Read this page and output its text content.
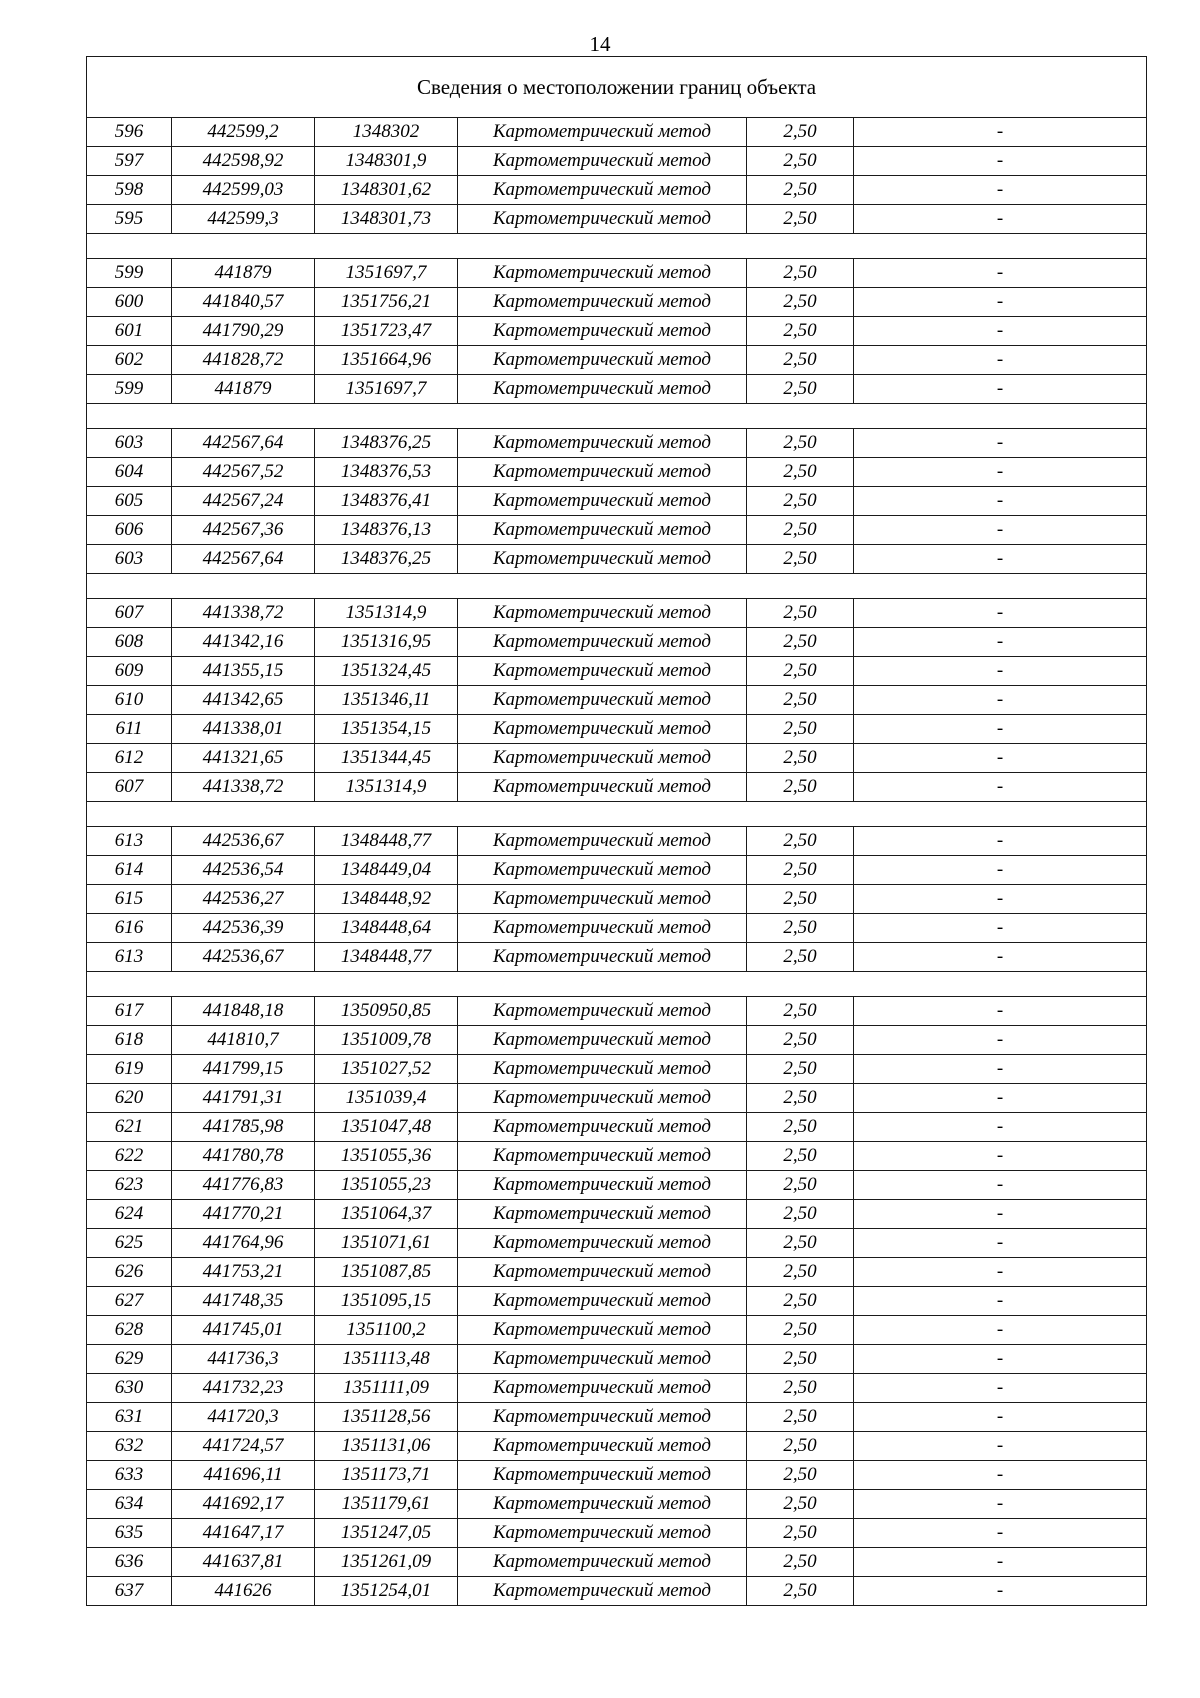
14
Сведения о местоположении границ объекта					
596	442599,2	1348302	Картометрический метод	2,50	-
597	442598,92	1348301,9	Картометрический метод	2,50	-
598	442599,03	1348301,62	Картометрический метод	2,50	-
595	442599,3	1348301,73	Картометрический метод	2,50	-

599	441879	1351697,7	Картометрический метод	2,50	-
600	441840,57	1351756,21	Картометрический метод	2,50	-
601	441790,29	1351723,47	Картометрический метод	2,50	-
602	441828,72	1351664,96	Картометрический метод	2,50	-
599	441879	1351697,7	Картометрический метод	2,50	-

603	442567,64	1348376,25	Картометрический метод	2,50	-
604	442567,52	1348376,53	Картометрический метод	2,50	-
605	442567,24	1348376,41	Картометрический метод	2,50	-
606	442567,36	1348376,13	Картометрический метод	2,50	-
603	442567,64	1348376,25	Картометрический метод	2,50	-

607	441338,72	1351314,9	Картометрический метод	2,50	-
608	441342,16	1351316,95	Картометрический метод	2,50	-
609	441355,15	1351324,45	Картометрический метод	2,50	-
610	441342,65	1351346,11	Картометрический метод	2,50	-
611	441338,01	1351354,15	Картометрический метод	2,50	-
612	441321,65	1351344,45	Картометрический метод	2,50	-
607	441338,72	1351314,9	Картометрический метод	2,50	-

613	442536,67	1348448,77	Картометрический метод	2,50	-
614	442536,54	1348449,04	Картометрический метод	2,50	-
615	442536,27	1348448,92	Картометрический метод	2,50	-
616	442536,39	1348448,64	Картометрический метод	2,50	-
613	442536,67	1348448,77	Картометрический метод	2,50	-

617	441848,18	1350950,85	Картометрический метод	2,50	-
618	441810,7	1351009,78	Картометрический метод	2,50	-
619	441799,15	1351027,52	Картометрический метод	2,50	-
620	441791,31	1351039,4	Картометрический метод	2,50	-
621	441785,98	1351047,48	Картометрический метод	2,50	-
622	441780,78	1351055,36	Картометрический метод	2,50	-
623	441776,83	1351055,23	Картометрический метод	2,50	-
624	441770,21	1351064,37	Картометрический метод	2,50	-
625	441764,96	1351071,61	Картометрический метод	2,50	-
626	441753,21	1351087,85	Картометрический метод	2,50	-
627	441748,35	1351095,15	Картометрический метод	2,50	-
628	441745,01	1351100,2	Картометрический метод	2,50	-
629	441736,3	1351113,48	Картометрический метод	2,50	-
630	441732,23	1351111,09	Картометрический метод	2,50	-
631	441720,3	1351128,56	Картометрический метод	2,50	-
632	441724,57	1351131,06	Картометрический метод	2,50	-
633	441696,11	1351173,71	Картометрический метод	2,50	-
634	441692,17	1351179,61	Картометрический метод	2,50	-
635	441647,17	1351247,05	Картометрический метод	2,50	-
636	441637,81	1351261,09	Картометрический метод	2,50	-
637	441626	1351254,01	Картометрический метод	2,50	-
